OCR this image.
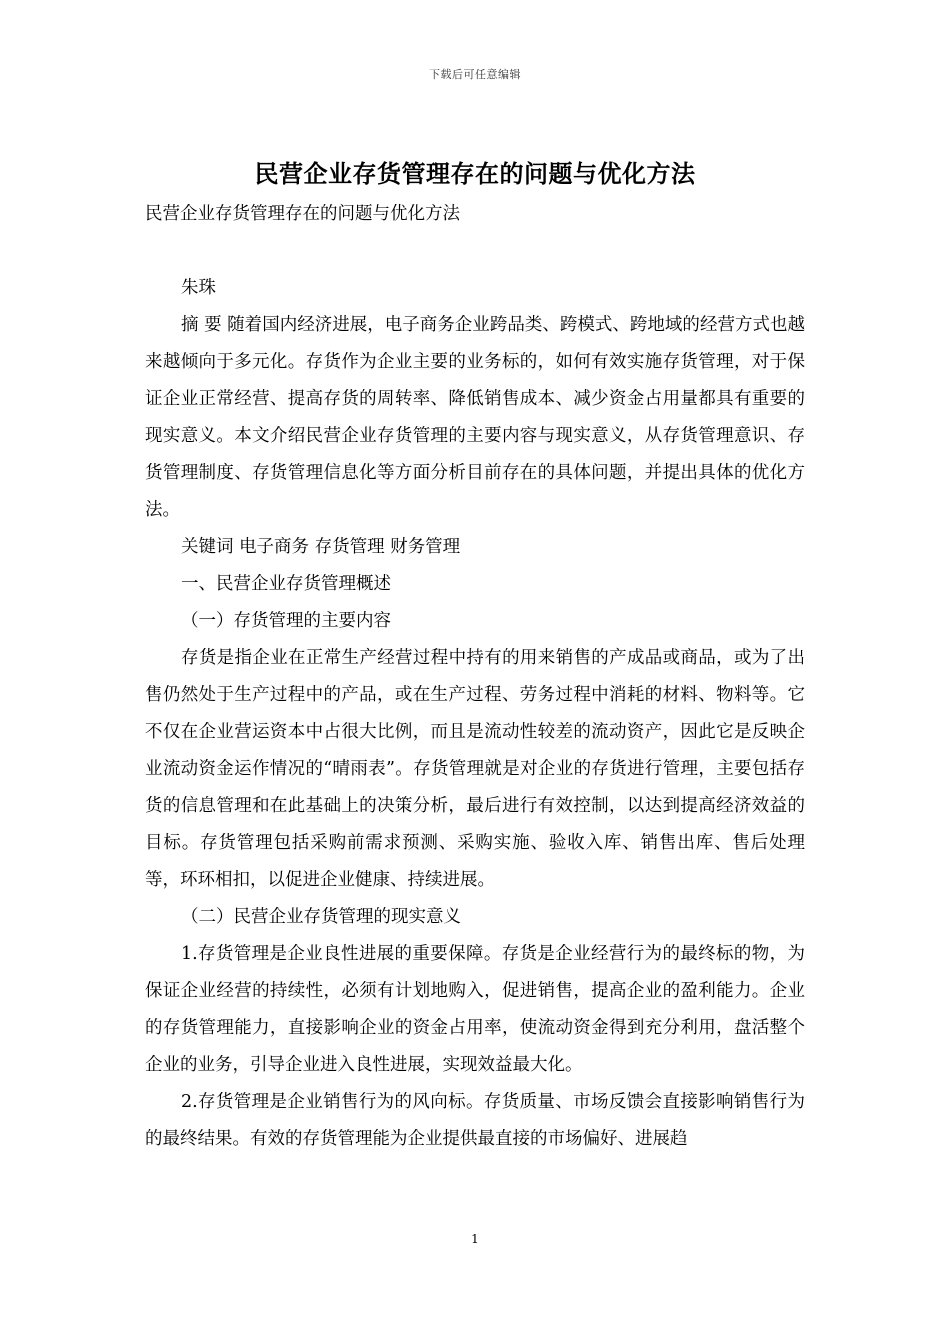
下载后可任意编辑
民营企业存货管理存在的问题与优化方法

民营企业存货管理存在的问题与优化方法

朱珠

摘 要 随着国内经济进展，电子商务企业跨品类、跨模式、跨地域的经营方式也越来越倾向于多元化。存货作为企业主要的业务标的，如何有效实施存货管理，对于保证企业正常经营、提高存货的周转率、降低销售成本、减少资金占用量都具有重要的现实意义。本文介绍民营企业存货管理的主要内容与现实意义，从存货管理意识、存货管理制度、存货管理信息化等方面分析目前存在的具体问题，并提出具体的优化方法。

关键词 电子商务 存货管理 财务管理

一、民营企业存货管理概述

（一）存货管理的主要内容

存货是指企业在正常生产经营过程中持有的用来销售的产成品或商品，或为了出售仍然处于生产过程中的产品，或在生产过程、劳务过程中消耗的材料、物料等。它不仅在企业营运资本中占很大比例，而且是流动性较差的流动资产，因此它是反映企业流动资金运作情况的“晴雨表”。存货管理就是对企业的存货进行管理，主要包括存货的信息管理和在此基础上的决策分析，最后进行有效控制，以达到提高经济效益的目标。存货管理包括采购前需求预测、采购实施、验收入库、销售出库、售后处理等，环环相扣，以促进企业健康、持续进展。

（二）民营企业存货管理的现实意义

1.存货管理是企业良性进展的重要保障。存货是企业经营行为的最终标的物，为保证企业经营的持续性，必须有计划地购入，促进销售，提高企业的盈利能力。企业的存货管理能力，直接影响企业的资金占用率，使流动资金得到充分利用，盘活整个企业的业务，引导企业进入良性进展，实现效益最大化。

2.存货管理是企业销售行为的风向标。存货质量、市场反馈会直接影响销售行为的最终结果。有效的存货管理能为企业提供最直接的市场偏好、进展趋

1
